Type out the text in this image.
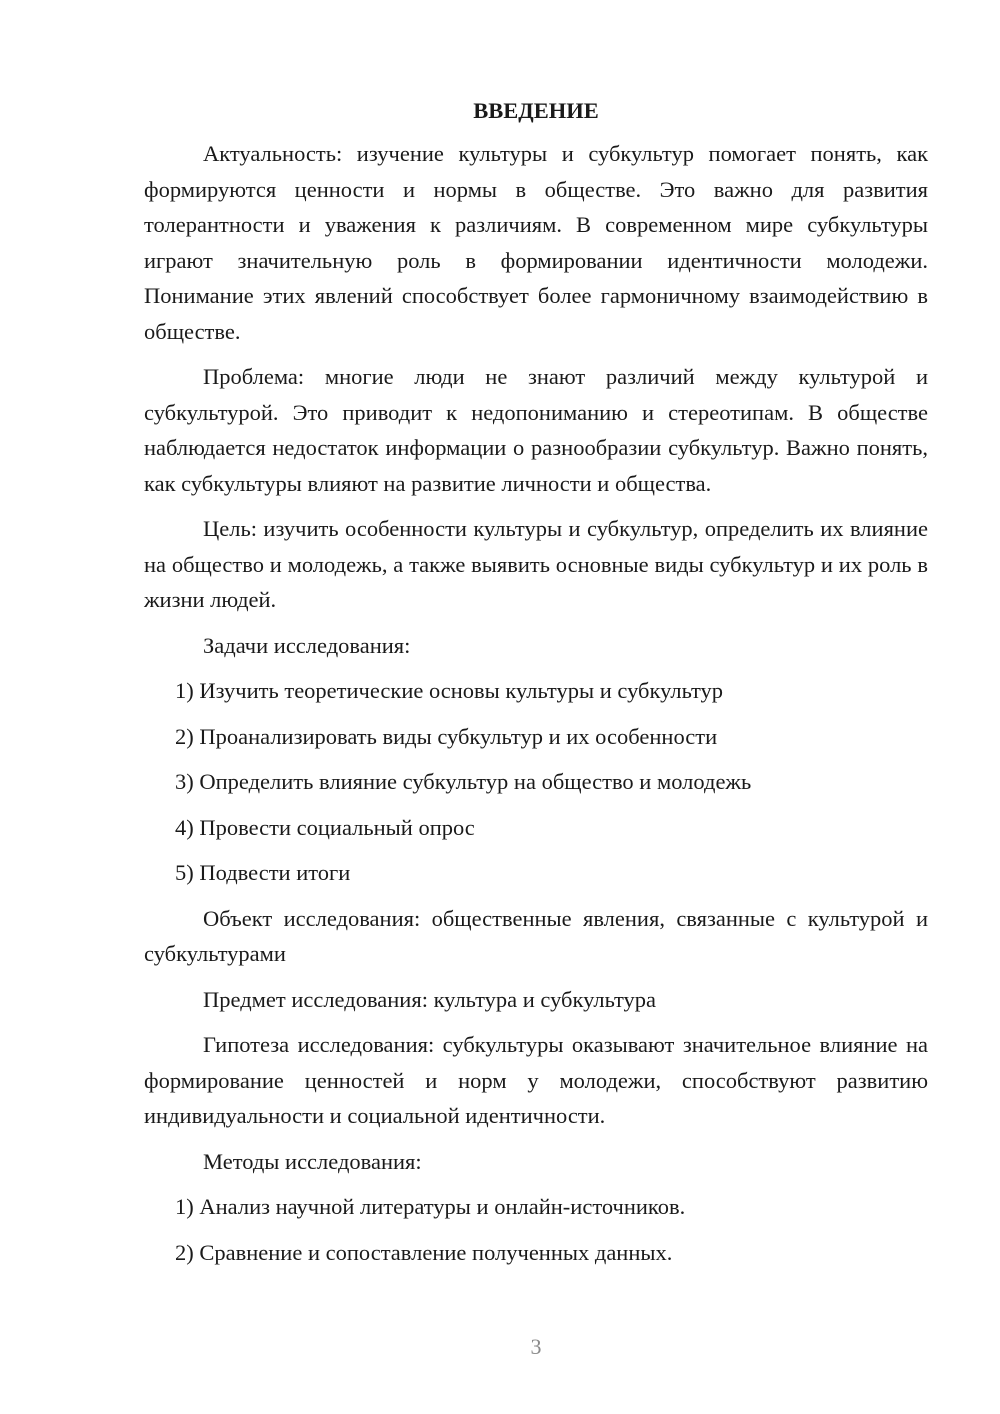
ВВЕДЕНИЕ

Актуальность: изучение культуры и субкультур помогает понять, как формируются ценности и нормы в обществе. Это важно для развития толерантности и уважения к различиям. В современном мире субкультуры играют значительную роль в формировании идентичности молодежи. Понимание этих явлений способствует более гармоничному взаимодействию в обществе.

Проблема: многие люди не знают различий между культурой и субкультурой. Это приводит к недопониманию и стереотипам. В обществе наблюдается недостаток информации о разнообразии субкультур. Важно понять, как субкультуры влияют на развитие личности и общества.

Цель: изучить особенности культуры и субкультур, определить их влияние на общество и молодежь, а также выявить основные виды субкультур и их роль в жизни людей.

Задачи исследования:

1) Изучить теоретические основы культуры и субкультур
2) Проанализировать виды субкультур и их особенности
3) Определить влияние субкультур на общество и молодежь
4) Провести социальный опрос
5) Подвести итоги

Объект исследования: общественные явления, связанные с культурой и субкультурами

Предмет исследования: культура и субкультура

Гипотеза исследования: субкультуры оказывают значительное влияние на формирование ценностей и норм у молодежи, способствуют развитию индивидуальности и социальной идентичности.

Методы исследования:

1) Анализ научной литературы и онлайн-источников.
2) Сравнение и сопоставление полученных данных.
3
